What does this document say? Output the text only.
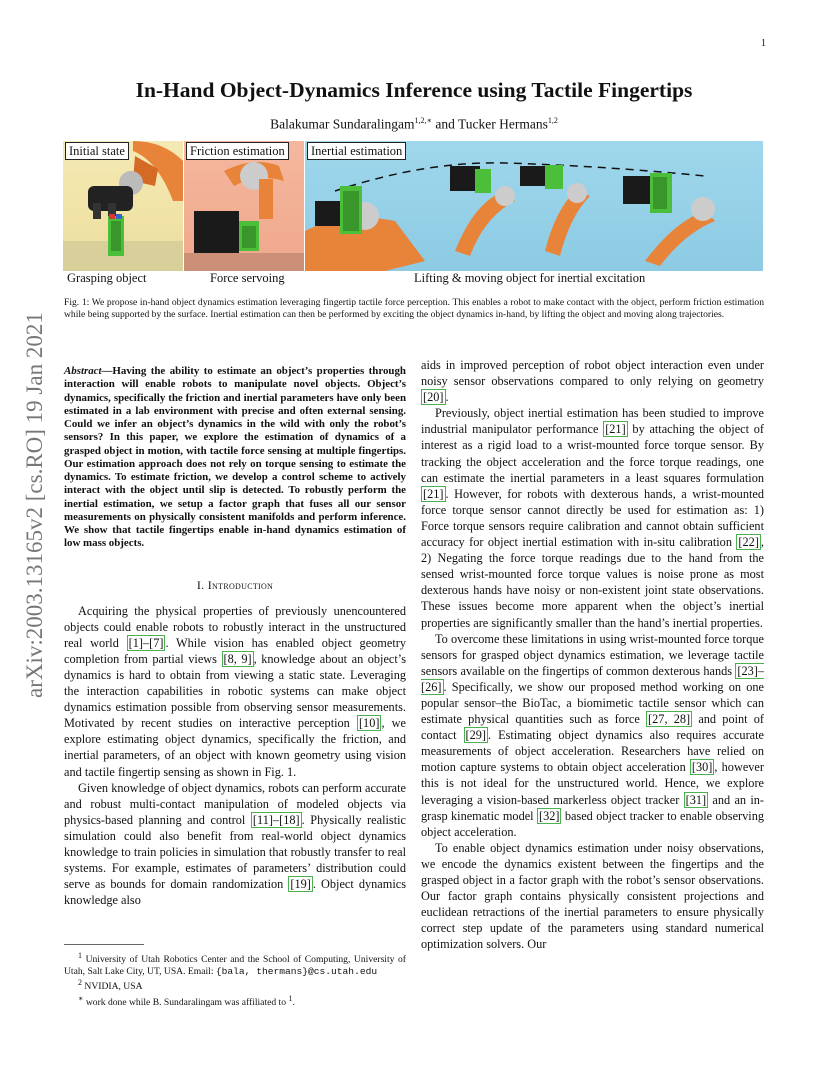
1
In-Hand Object-Dynamics Inference using Tactile Fingertips
Balakumar Sundaralingam$^{1,2,∗}$ and Tucker Hermans$^{1,2}$
arXiv:2003.13165v2 [cs.RO] 19 Jan 2021
Initial state	Friction estimation	Inertial estimation
Grasping object	Force servoing	Lifting & moving object for inertial excitation
Fig. 1: We propose in-hand object dynamics estimation leveraging fingertip tactile force perception. This enables a robot to make contact with the object, perform friction estimation while being supported by the surface. Inertial estimation can then be performed by exciting the object dynamics in-hand, by lifting the object and moving along trajectories.
Abstract—Having the ability to estimate an object’s properties through interaction will enable robots to manipulate novel objects. Object’s dynamics, specifically the friction and inertial parameters have only been estimated in a lab environment with precise and often external sensing. Could we infer an object’s dynamics in the wild with only the robot’s sensors? In this paper, we explore the estimation of dynamics of a grasped object in motion, with tactile force sensing at multiple fingertips. Our estimation approach does not rely on torque sensing to estimate the dynamics. To estimate friction, we develop a control scheme to actively interact with the object until slip is detected. To robustly perform the inertial estimation, we setup a factor graph that fuses all our sensor measurements on physically consistent manifolds and perform inference. We show that tactile fingertips enable in-hand dynamics estimation of low mass objects.
I. Introduction

Acquiring the physical properties of previously unencountered objects could enable robots to robustly interact in the unstructured real world [1]–[7] . While vision has enabled object geometry completion from partial views [8, 9] , knowledge about an object’s dynamics is hard to obtain from viewing a static state. Leveraging the interaction capabilities in robotic systems can make object dynamics estimation possible from observing sensor measurements. Motivated by recent studies on interactive perception [10] , we explore estimating object dynamics, specifically the friction, and inertial parameters, of an object with known geometry using vision and tactile fingertip sensing as shown in Fig. 1.

Given knowledge of object dynamics, robots can perform accurate and robust multi-contact manipulation of modeled objects via physics-based planning and control [11]–[18] . Physically realistic simulation could also benefit from real-world object dynamics knowledge to train policies in simulation that robustly transfer to real systems. For example, estimates of parameters’ distribution could serve as bounds for domain randomization [19] . Object dynamics knowledge also

$^1$ University of Utah Robotics Center and the School of Computing, University of Utah, Salt Lake City, UT, USA. Email: {bala, thermans}@cs.utah.edu
$^2$ NVIDIA, USA
∗ work done while B. Sundaralingam was affiliated to $^1$.

aids in improved perception of robot object interaction even under noisy sensor observations compared to only relying on geometry [20] .

Previously, object inertial estimation has been studied to improve industrial manipulator performance [21] by attaching the object of interest as a rigid load to a wrist-mounted force torque sensor. By tracking the object acceleration and the force torque readings, one can estimate the inertial parameters in a least squares formulation [21] . However, for robots with dexterous hands, a wrist-mounted force torque sensor cannot directly be used for estimation as: 1) Force torque sensors require calibration and cannot obtain sufficient accuracy for object inertial estimation with in-situ calibration [22] , 2) Negating the force torque readings due to the hand from the sensed wrist-mounted force torque values is noise prone as most dexterous hands have noisy or non-existent joint state observations. These issues become more apparent when the object’s inertial properties are significantly smaller than the hand’s inertial properties.

To overcome these limitations in using wrist-mounted force torque sensors for grasped object dynamics estimation, we leverage tactile sensors available on the fingertips of common dexterous hands [23]–[26] . Specifically, we show our proposed method working on one popular sensor–the BioTac, a biomimetic tactile sensor which can estimate physical quantities such as force [27, 28] and point of contact [29] . Estimating object dynamics also requires accurate measurements of object acceleration. Researchers have relied on motion capture systems to obtain object acceleration [30] , however this is not ideal for the unstructured world. Hence, we explore leveraging a vision-based markerless object tracker [31] and an in-grasp kinematic model [32] based object tracker to enable observing object acceleration.

To enable object dynamics estimation under noisy observations, we encode the dynamics existent between the fingertips and the grasped object in a factor graph with the robot’s sensor observations. Our factor graph contains physically consistent projections and euclidean retractions of the inertial parameters to ensure physically correct step update of the parameters using standard numerical optimization solvers. Our
